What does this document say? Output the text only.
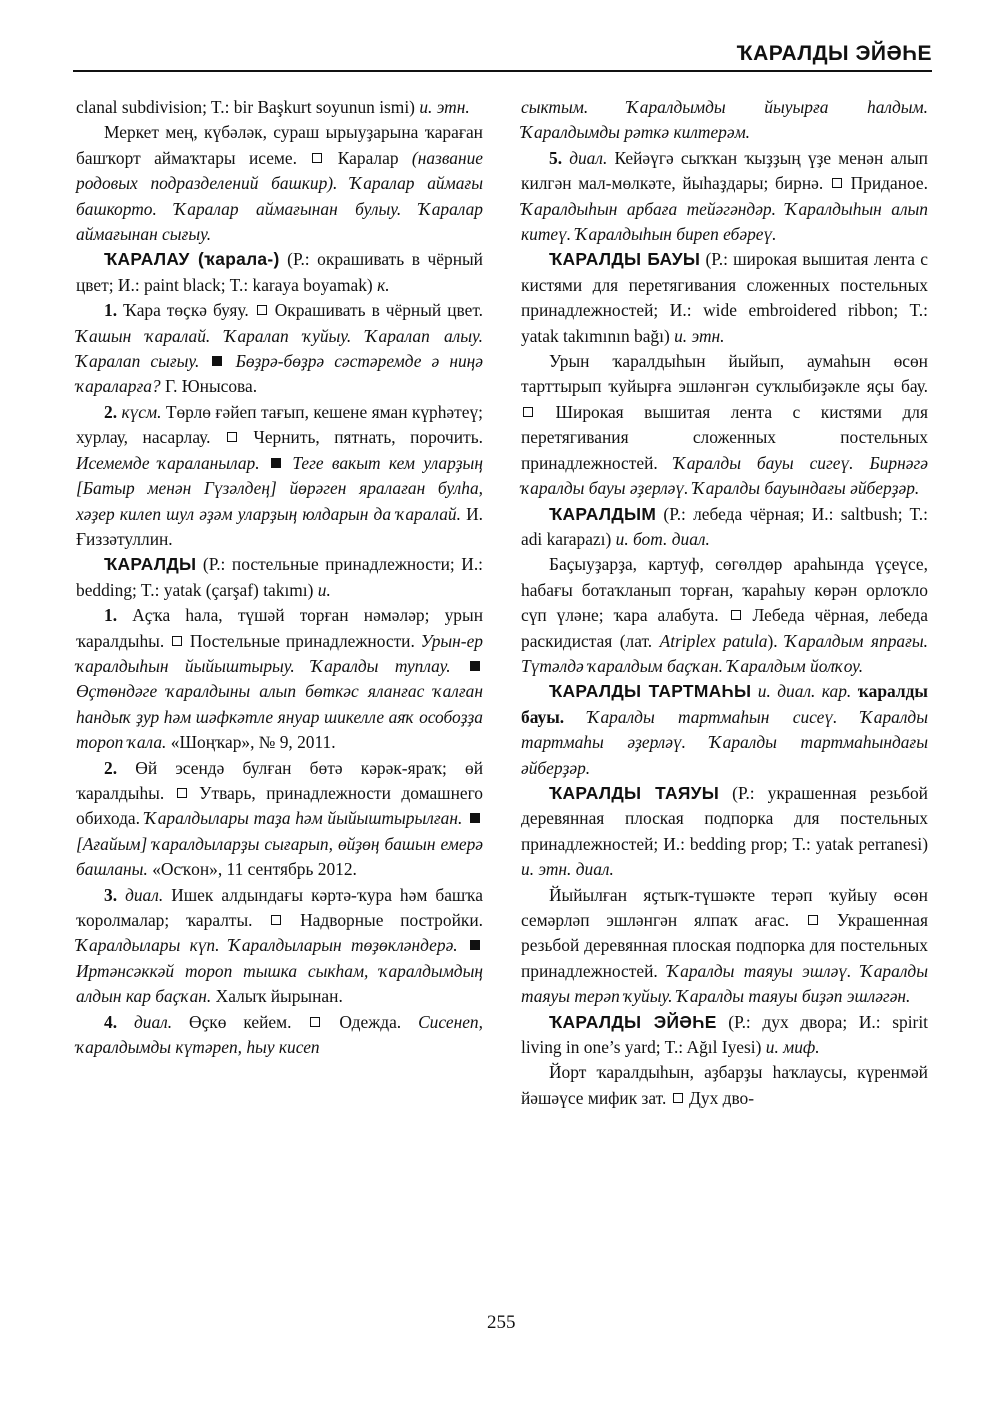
ҠАРАЛДЫ ЭЙӘҺЕ

clanal subdivision; T.: bir Başkurt soyunun ismi) и. этн.

Меркет мең, күбәләк, сураш ырыуҙарына ҡараған башҡорт аймаҡтары исеме. Каралар (название родовых подразделений башкир). Ҡаралар аймағы башкорто. Ҡаралар аймағынан булыу. Ҡаралар аймағынан сығыу.

ҠАРАЛАУ (ҡарала-) (Р.: окрашивать в чёрный цвет; И.: paint black; T.: karaya boyamak) к.

1. Ҡара төҫкә буяу. Окрашивать в чёрный цвет. Ҡашын ҡаралай. Ҡаралап ҡуйыу. Ҡаралап алыу. Ҡаралап сығыу. Бөҙрә-бөҙрә сәстәремде ә ниңә ҡараларға? Г. Юнысова.

2. күсм. Төрлө ғәйеп тағып, кешене яман күрһәтеү; хурлау, насарлау. Чернить, пятнать, порочить. Исемемде ҡараланылар. Теге вакыт кем уларҙың [Батыр менән Гүзәлдең] йөрәген яралаған булһа, хәҙер килеп шул әҙәм уларҙың юлдарын да ҡаралай. И. Ғиззәтуллин.

ҠАРАЛДЫ (Р.: постельные принадлежности; И.: bedding; T.: yatak (çarşaf) takımı) и.

1. Аҫҡа һала, түшәй торған нәмәләр; урын ҡаралдыһы. Постельные принадлежности. Урын-ер ҡаралдыһын йыйыштырыу. Ҡаралды туплау.  Өҫтөндәге ҡаралдыны алып бөткәс яланғас ҡалған һандыҡ ҙур һәм шәфкәтле януар шикелле аяҡ особоҙҙа тороп ҡала. «Шоңҡар», № 9, 2011.

2. Өй эсендә булған бөтә кәрәк-яраҡ; өй ҡаралдыһы. Утварь, принадлежности домашнего обихода. Ҡаралдылары таҙа һәм йыйыштырылған.  [Ағайым] ҡаралдыларҙы сығарып, өйҙөң башын емерә башланы. «Осҡон», 11 сентябрь 2012.

3. диал. Ишек алдындағы кәртә-ҡура һәм башҡа ҡоролмалар; ҡаралты.	Надворные постройки. Ҡаралдылары күп. Ҡаралдыларын төҙөкләндерә.  Иртәнсәккәй тороп тышка сыкһам, ҡаралдымдың алдын кар баҫҡан. Халыҡ йырынан.

4. диал. Өҫкө кейем.	Одежда. Сисенеп, ҡаралдымды күтәреп, һыу кисеп

сыктым. Ҡаралдымды йыуырға һалдым. Ҡаралдымды рәткә килтерәм.

5. диал. Кейәүгә сыҡҡан ҡыҙҙың үҙе менән алып килгән мал-мөлкәте, йыһаҙдары; бирнә. Приданое. Ҡаралдыһын арбаға тейәгәндәр. Ҡаралдыһын алып китеү. Ҡаралдыһын биреп ебәреү.

ҠАРАЛДЫ БАУЫ (Р.: широкая вышитая лента с кистями для перетягивания сложенных постельных принадлежностей; И.: wide embroidered ribbon; T.: yatak takımının bağı) и. этн.

Урын ҡаралдыһын йыйып, аумаһын өсөн тарттырып ҡуйырға эшләнгән суҡлыбиҙәкле яҫы бау.  Широкая вышитая лента с кистями для перетягивания сложенных постельных принадлежностей. Ҡаралды бауы сигеү. Бирнәгә ҡаралды бауы әҙерләү. Ҡаралды бауындағы әйберҙәр.

ҠАРАЛДЫМ (Р.: лебеда чёрная; И.: saltbush; T.: adi karapazı) и. бот. диал.

Баҫыуҙарҙа, картуф, сөгөлдөр араһында үҫеүсе, һабағы ботаҡланып торған, ҡараһыу көрән орлоҡло сүп үләне; ҡара алабута. Лебеда чёрная, лебеда раскидистая (лат. Atriplex patula). Ҡаралдым япрағы. Түтәлдә ҡаралдым баҫҡан. Ҡаралдым йолҡоу.

ҠАРАЛДЫ ТАРТМАҺЫ и. диал. кар. ҡаралды бауы. Ҡаралды тартмаһын сисеү. Ҡаралды тартмаһы әҙерләү. Ҡаралды тартмаһындағы әйберҙәр.

ҠАРАЛДЫ ТАЯУЫ (Р.: украшенная резьбой деревянная плоская подпорка для постельных принадлежностей; И.: bedding prop; T.: yatak perranesi) и. этн. диал.

Йыйылған яҫтыҡ-түшәкте терәп ҡуйыу өсөн семәрләп эшләнгән ялпаҡ ағас.	Украшенная резьбой деревянная плоская подпорка для постельных принадлежностей. Ҡаралды таяуы эшләү. Ҡаралды таяуы терәп ҡуйыу. Ҡаралды таяуы биҙәп эшләгән.

ҠАРАЛДЫ ЭЙӘҺЕ (Р.: дух двора; И.: spirit living in one’s yard; T.: Ağıl Iyesi) и. миф.

Йорт ҡаралдыһын, аҙбарҙы һаҡлаусы, күренмәй йәшәүсе мифик зат. Дух дво-

255
